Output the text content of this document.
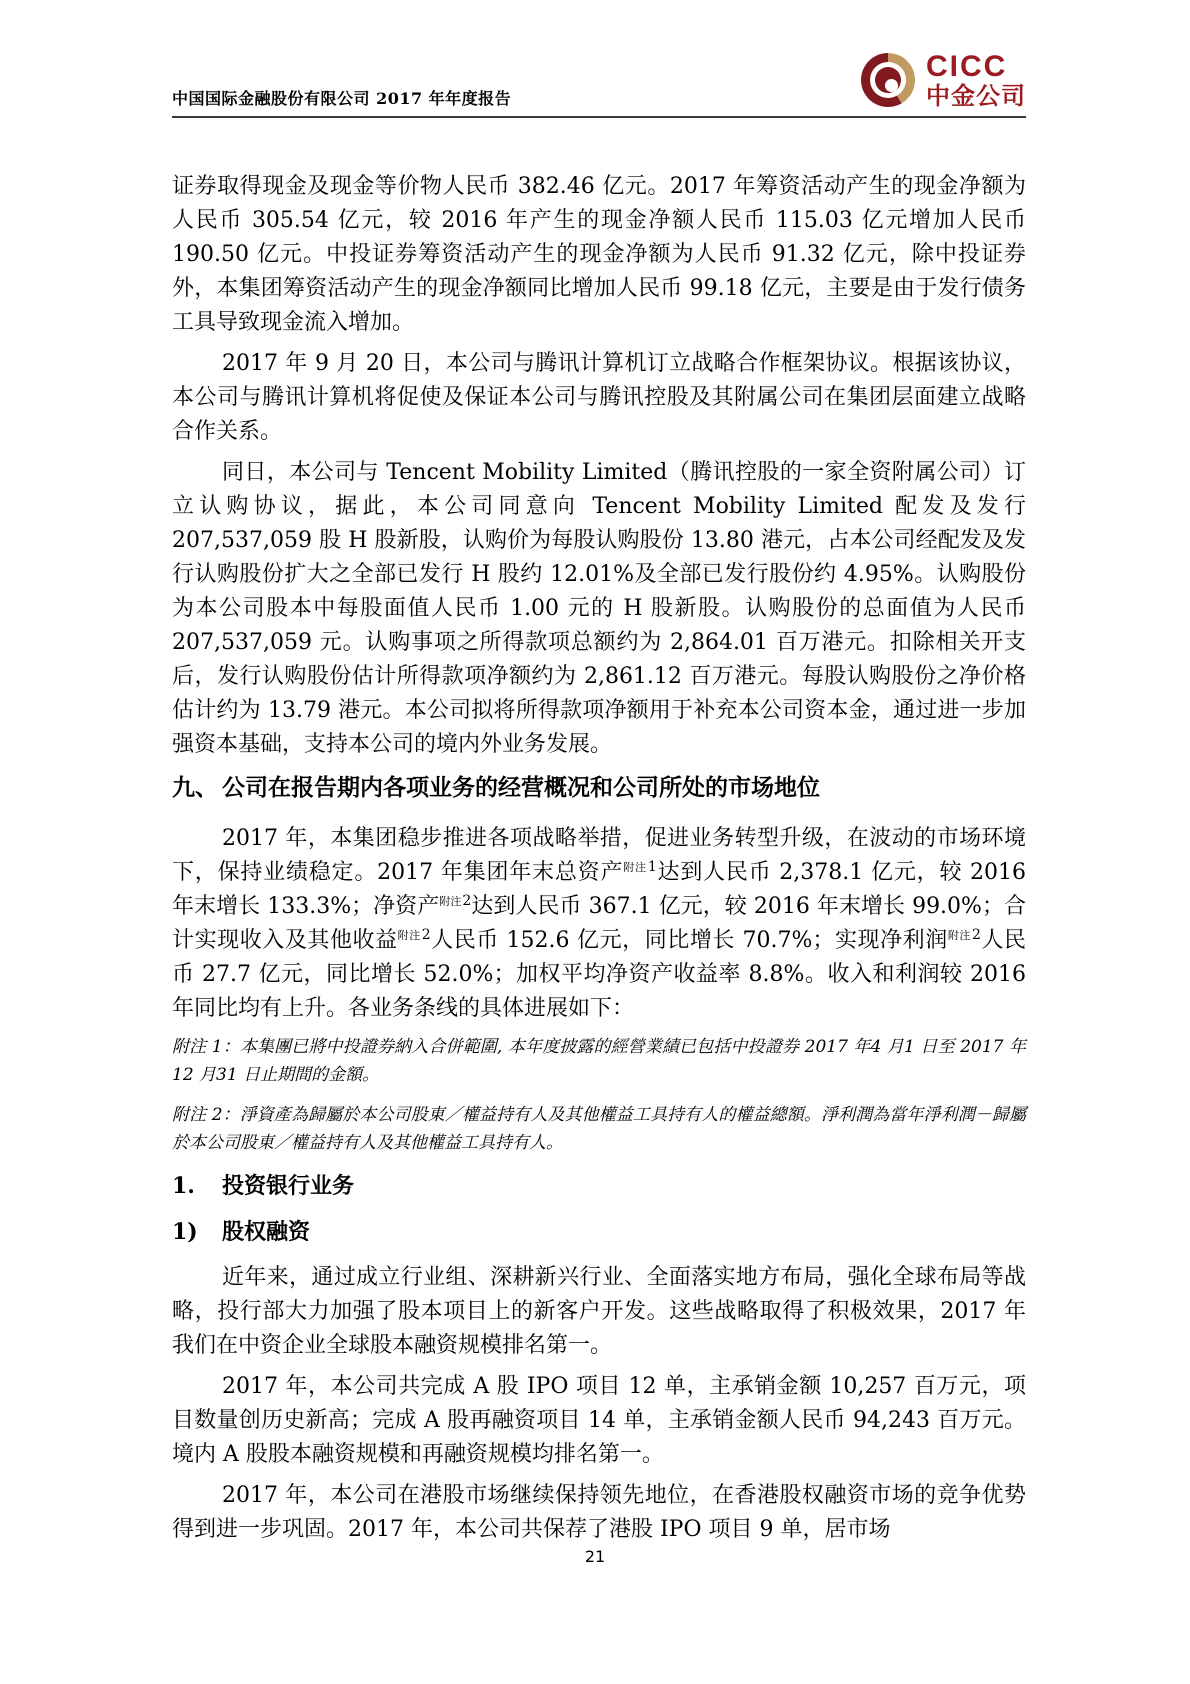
中国国际金融股份有限公司 2017 年年度报告
CICC
中金公司

证券取得现金及现金等价物人民币 382.46 亿元。2017 年筹资活动产生的现金净额为人民币 305.54 亿元，较 2016 年产生的现金净额人民币 115.03 亿元增加人民币 190.50 亿元。中投证券筹资活动产生的现金净额为人民币 91.32 亿元，除中投证券外，本集团筹资活动产生的现金净额同比增加人民币 99.18 亿元，主要是由于发行债务工具导致现金流入增加。

2017 年 9 月 20 日，本公司与腾讯计算机订立战略合作框架协议。根据该协议，本公司与腾讯计算机将促使及保证本公司与腾讯控股及其附属公司在集团层面建立战略合作关系。

同日，本公司与 Tencent Mobility Limited（腾讯控股的一家全资附属公司）订立认购协议，据此，本公司同意向 Tencent Mobility Limited 配发及发行 207,537,059 股 H 股新股，认购价为每股认购股份 13.80 港元，占本公司经配发及发行认购股份扩大之全部已发行 H 股约 12.01%及全部已发行股份约 4.95%。认购股份为本公司股本中每股面值人民币 1.00 元的 H 股新股。认购股份的总面值为人民币 207,537,059 元。认购事项之所得款项总额约为 2,864.01 百万港元。扣除相关开支后，发行认购股份估计所得款项净额约为 2,861.12 百万港元。每股认购股份之净价格估计约为 13.79 港元。本公司拟将所得款项净额用于补充本公司资本金，通过进一步加强资本基础，支持本公司的境内外业务发展。

九、 公司在报告期内各项业务的经营概况和公司所处的市场地位

2017 年，本集团稳步推进各项战略举措，促进业务转型升级，在波动的市场环境下，保持业绩稳定。2017 年集团年末总资产$^{附注1}$达到人民币 2,378.1 亿元，较 2016 年末增长 133.3%；净资产$^{附注2}$达到人民币 367.1 亿元，较 2016 年末增长 99.0%；合计实现收入及其他收益$^{附注2}$人民币 152.6 亿元，同比增长 70.7%；实现净利润$^{附注2}$人民币 27.7 亿元，同比增长 52.0%；加权平均净资产收益率 8.8%。收入和利润较 2016 年同比均有上升。各业务条线的具体进展如下：

附注 1：本集團已將中投證券納入合併範圍, 本年度披露的經營業績已包括中投證券 2017 年4 月1 日至 2017 年12 月31 日止期間的金額。

附注 2：淨資產為歸屬於本公司股東／權益持有人及其他權益工具持有人的權益總額。淨利潤為當年淨利潤－歸屬於本公司股東／權益持有人及其他權益工具持有人。

1.	投资银行业务
1)	股权融资

近年来，通过成立行业组、深耕新兴行业、全面落实地方布局，强化全球布局等战略，投行部大力加强了股本项目上的新客户开发。这些战略取得了积极效果，2017 年我们在中资企业全球股本融资规模排名第一。

2017 年，本公司共完成 A 股 IPO 项目 12 单，主承销金额 10,257 百万元，项目数量创历史新高；完成 A 股再融资项目 14 单，主承销金额人民币 94,243 百万元。境内 A 股股本融资规模和再融资规模均排名第一。

2017 年，本公司在港股市场继续保持领先地位，在香港股权融资市场的竞争优势得到进一步巩固。2017 年，本公司共保荐了港股 IPO 项目 9 单，居市场

21
